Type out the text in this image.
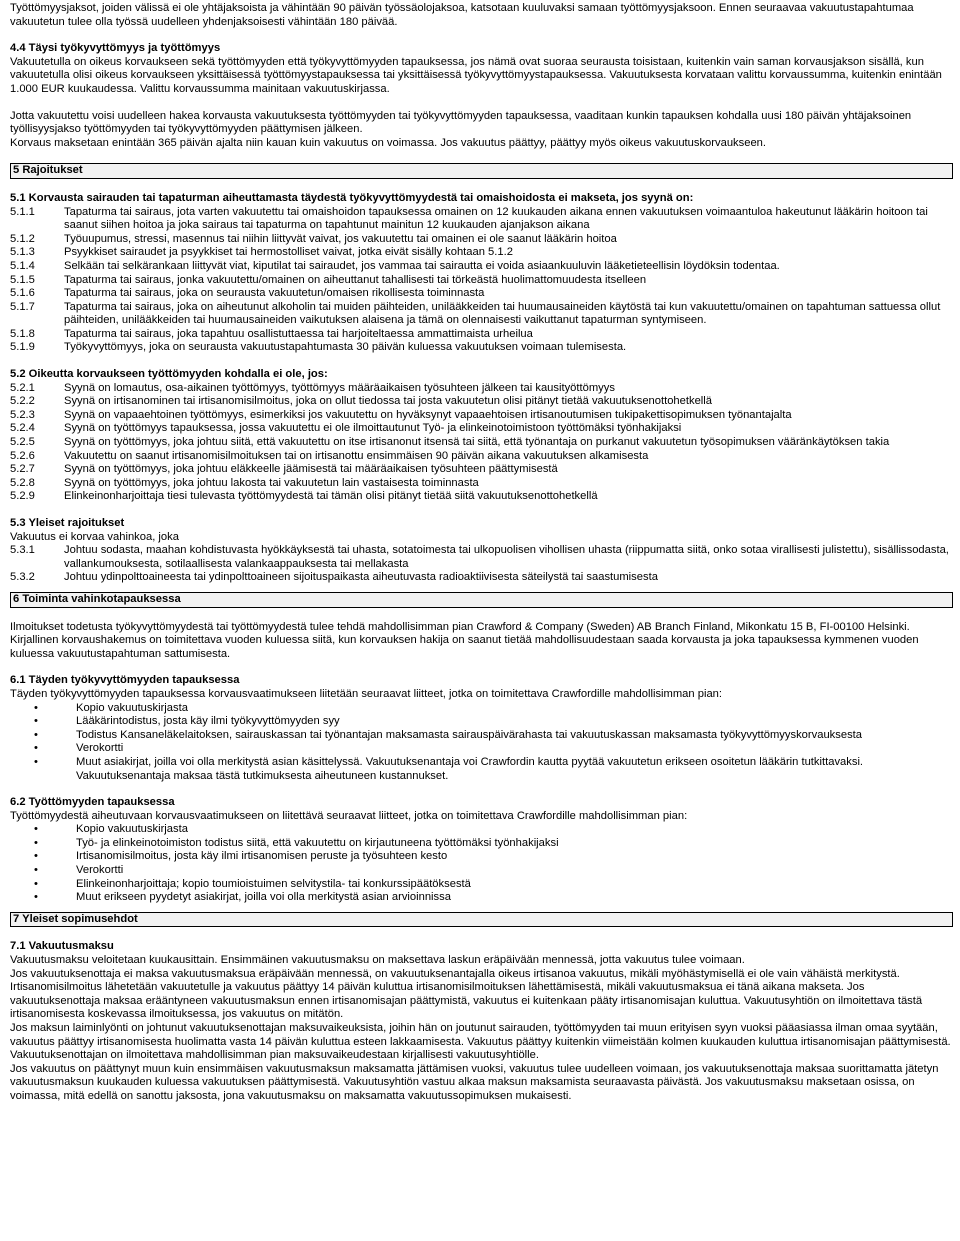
Työttömyysjaksot, joiden välissä ei ole yhtäjaksoista ja vähintään 90 päivän työssäolojaksoa, katsotaan kuuluvaksi samaan työttömyysjaksoon. Ennen seuraavaa vakuutustapahtumaa vakuutetun tulee olla työssä uudelleen yhdenjaksoisesti vähintään 180 päivää.

4.4 Täysi työkyvyttömyys ja työttömyys

Vakuutetulla on oikeus korvaukseen sekä työttömyyden että työkyvyttömyyden tapauksessa, jos nämä ovat suoraa seurausta toisistaan, kuitenkin vain saman korvausjakson sisällä, kun vakuutetulla olisi oikeus korvaukseen yksittäisessä työttömyystapauksessa tai yksittäisessä työkyvyttömyystapauksessa. Vakuutuksesta korvataan valittu korvaussumma, kuitenkin enintään 1.000 EUR kuukaudessa. Valittu korvaussumma mainitaan vakuutuskirjassa.

Jotta vakuutettu voisi uudelleen hakea korvausta vakuutuksesta työttömyyden tai työkyvyttömyyden tapauksessa, vaaditaan kunkin tapauksen kohdalla uusi 180 päivän yhtäjaksoinen työllisyysjakso työttömyyden tai työkyvyttömyyden päättymisen jälkeen.

Korvaus maksetaan enintään 365 päivän ajalta niin kauan kuin vakuutus on voimassa. Jos vakuutus päättyy, päättyy myös oikeus vakuutuskorvaukseen.

5 Rajoitukset

5.1 Korvausta sairauden tai tapaturman aiheuttamasta täydestä työkyvyttömyydestä tai omaishoidosta ei makseta, jos syynä on:

5.1.1	Tapaturma tai sairaus, jota varten vakuutettu tai omaishoidon tapauksessa omainen on 12 kuukauden aikana ennen vakuutuksen voimaantuloa hakeutunut lääkärin hoitoon tai saanut siihen hoitoa ja joka sairaus tai tapaturma on tapahtunut mainitun 12 kuukauden ajanjakson aikana
5.1.2	Työuupumus, stressi, masennus tai niihin liittyvät vaivat, jos vakuutettu tai omainen ei ole saanut lääkärin hoitoa
5.1.3	Psyykkiset sairaudet ja psyykkiset tai hermostolliset vaivat, jotka eivät sisälly kohtaan 5.1.2
5.1.4	Selkään tai selkärankaan liittyvät viat, kiputilat tai sairaudet, jos vammaa tai sairautta ei voida asiaankuuluvin lääketieteellisin löydöksin todentaa.
5.1.5	Tapaturma tai sairaus, jonka vakuutettu/omainen on aiheuttanut tahallisesti tai törkeästä huolimattomuudesta itselleen
5.1.6	Tapaturma tai sairaus, joka on seurausta vakuutetun/omaisen rikollisesta toiminnasta
5.1.7	Tapaturma tai sairaus, joka on aiheutunut alkoholin tai muiden päihteiden, unilääkkeiden tai huumausaineiden käytöstä tai kun vakuutettu/omainen on tapahtuman sattuessa ollut päihteiden, unilääkkeiden tai huumausaineiden vaikutuksen alaisena ja tämä on olennaisesti vaikuttanut tapaturman syntymiseen.
5.1.8	Tapaturma tai sairaus, joka tapahtuu osallistuttaessa tai harjoiteltaessa ammattimaista urheilua
5.1.9	Työkyvyttömyys, joka on seurausta vakuutustapahtumasta 30 päivän kuluessa vakuutuksen voimaan tulemisesta.

5.2 Oikeutta korvaukseen työttömyyden kohdalla ei ole, jos:

5.2.1	Syynä on lomautus, osa-aikainen työttömyys, työttömyys määräaikaisen työsuhteen jälkeen tai kausityöttömyys
5.2.2	Syynä on irtisanominen tai irtisanomisilmoitus, joka on ollut tiedossa tai josta vakuutetun olisi pitänyt tietää vakuutuksenottohetkellä
5.2.3	Syynä on vapaaehtoinen työttömyys, esimerkiksi jos vakuutettu on hyväksynyt vapaaehtoisen irtisanoutumisen tukipakettisopimuksen työnantajalta
5.2.4	Syynä on työttömyys tapauksessa, jossa vakuutettu ei ole ilmoittautunut Työ- ja elinkeinotoimistoon työttömäksi työnhakijaksi
5.2.5	Syynä on työttömyys, joka johtuu siitä, että vakuutettu on itse irtisanonut itsensä tai siitä, että työnantaja on purkanut vakuutetun työsopimuksen vääränkäytöksen takia
5.2.6	Vakuutettu on saanut irtisanomisilmoituksen tai on irtisanottu ensimmäisen 90 päivän aikana vakuutuksen alkamisesta
5.2.7	Syynä on työttömyys, joka johtuu eläkkeelle jäämisestä tai määräaikaisen työsuhteen päättymisestä
5.2.8	Syynä on työttömyys, joka johtuu lakosta tai vakuutetun lain vastaisesta toiminnasta
5.2.9	Elinkeinonharjoittaja tiesi tulevasta työttömyydestä tai tämän olisi pitänyt tietää siitä vakuutuksenottohetkellä

5.3 Yleiset rajoitukset

Vakuutus ei korvaa vahinkoa, joka

5.3.1	Johtuu sodasta, maahan kohdistuvasta hyökkäyksestä tai uhasta, sotatoimesta tai ulkopuolisen vihollisen uhasta (riippumatta siitä, onko sotaa virallisesti julistettu), sisällissodasta, vallankumouksesta, sotilaallisesta valankaappauksesta tai mellakasta
5.3.2	Johtuu ydinpolttoaineesta tai ydinpolttoaineen sijoituspaikasta aiheutuvasta radioaktiivisesta säteilystä tai saastumisesta
6 Toiminta vahinkotapauksessa

Ilmoitukset todetusta työkyvyttömyydestä tai työttömyydestä tulee tehdä mahdollisimman pian Crawford & Company (Sweden) AB Branch Finland, Mikonkatu 15 B, FI-00100 Helsinki. Kirjallinen korvaushakemus on toimitettava vuoden kuluessa siitä, kun korvauksen hakija on saanut tietää mahdollisuudestaan saada korvausta ja joka tapauksessa kymmenen vuoden kuluessa vakuutustapahtuman sattumisesta.

6.1 Täyden työkyvyttömyyden tapauksessa

Täyden työkyvyttömyyden tapauksessa korvausvaatimukseen liitetään seuraavat liitteet, jotka on toimitettava Crawfordille mahdollisimman pian:

• Kopio vakuutuskirjasta
• Lääkärintodistus, josta käy ilmi työkyvyttömyyden syy
• Todistus Kansaneläkelaitoksen, sairauskassan tai työnantajan maksamasta sairauspäivärahasta tai vakuutuskassan maksamasta työkyvyttömyyskorvauksesta
• Verokortti
• Muut asiakirjat, joilla voi olla merkitystä asian käsittelyssä. Vakuutuksenantaja voi Crawfordin kautta pyytää vakuutetun erikseen osoitetun lääkärin tutkittavaksi. Vakuutuksenantaja maksaa tästä tutkimuksesta aiheutuneen kustannukset.

6.2 Työttömyyden tapauksessa

Työttömyydestä aiheutuvaan korvausvaatimukseen on liitettävä seuraavat liitteet, jotka on toimitettava Crawfordille mahdollisimman pian:

• Kopio vakuutuskirjasta
• Työ- ja elinkeinotoimiston todistus siitä, että vakuutettu on kirjautuneena työttömäksi työnhakijaksi
• Irtisanomisilmoitus, josta käy ilmi irtisanomisen peruste ja työsuhteen kesto
• Verokortti
• Elinkeinonharjoittaja; kopio toumioistuimen selvitystila- tai konkurssipäätöksestä
• Muut erikseen pyydetyt asiakirjat, joilla voi olla merkitystä asian arvioinnissa
7 Yleiset sopimusehdot

7.1 Vakuutusmaksu

Vakuutusmaksu veloitetaan kuukausittain. Ensimmäinen vakuutusmaksu on maksettava laskun eräpäivään mennessä, jotta vakuutus tulee voimaan.

Jos vakuutuksenottaja ei maksa vakuutusmaksua eräpäivään mennessä, on vakuutuksenantajalla oikeus irtisanoa vakuutus, mikäli myöhästymisellä ei ole vain vähäistä merkitystä. Irtisanomisilmoitus lähetetään vakuutetulle ja vakuutus päättyy 14 päivän kuluttua irtisanomisilmoituksen lähettämisestä, mikäli vakuutusmaksua ei tänä aikana makseta. Jos vakuutuksenottaja maksaa erääntyneen vakuutusmaksun ennen irtisanomisajan päättymistä, vakuutus ei kuitenkaan pääty irtisanomisajan kuluttua. Vakuutusyhtiön on ilmoitettava tästä irtisanomisesta koskevassa ilmoituksessa, jos vakuutus on mitätön.

Jos maksun laiminlyönti on johtunut vakuutuksenottajan maksuvaikeuksista, joihin hän on joutunut sairauden, työttömyyden tai muun erityisen syyn vuoksi pääasiassa ilman omaa syytään, vakuutus päättyy irtisanomisesta huolimatta vasta 14 päivän kuluttua esteen lakkaamisesta. Vakuutus päättyy kuitenkin viimeistään kolmen kuukauden kuluttua irtisanomisajan päättymisestä. Vakuutuksenottajan on ilmoitettava mahdollisimman pian maksuvaikeudestaan kirjallisesti vakuutusyhtiölle.

Jos vakuutus on päättynyt muun kuin ensimmäisen vakuutusmaksun maksamatta jättämisen vuoksi, vakuutus tulee uudelleen voimaan, jos vakuutuksenottaja maksaa suorittamatta jätetyn vakuutusmaksun kuukauden kuluessa vakuutuksen päättymisestä. Vakuutusyhtiön vastuu alkaa maksun maksamista seuraavasta päivästä. Jos vakuutusmaksu maksetaan osissa, on voimassa, mitä edellä on sanottu jaksosta, jona vakuutusmaksu on maksamatta vakuutussopimuksen mukaisesti.
